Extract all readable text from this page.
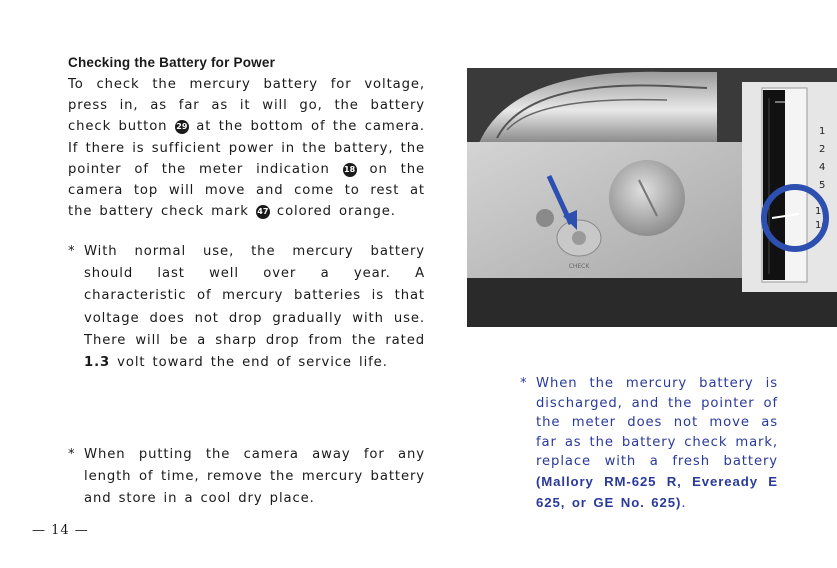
Checking the Battery for Power

To check the mercury battery for voltage, press in, as far as it will go, the battery check button 29 at the bottom of the camera. If there is sufficient power in the battery, the pointer of the meter indication 18 on the camera top will move and come to rest at the battery check mark 47 colored orange.

* With normal use, the mercury battery should last well over a year. A characteristic of mercury batteries is that voltage does not drop gradually with use. There will be a sharp drop from the rated 1.3 volt toward the end of service life.

* When putting the camera away for any length of time, remove the mercury battery and store in a cool dry place.

CHECK
1
2
4
5
11
16

* When the mercury battery is discharged, and the pointer of the meter does not move as far as the battery check mark, replace with a fresh battery (Mallory RM-625 R, Eveready E 625, or GE No. 625).

— 14 —
